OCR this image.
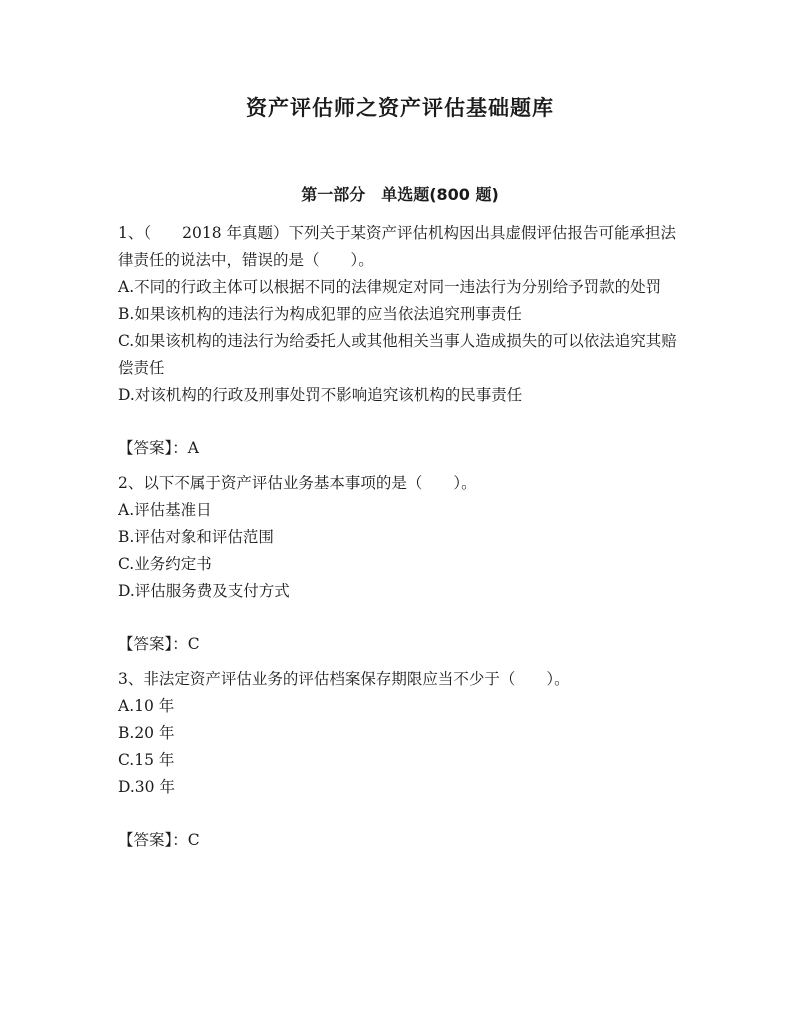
资产评估师之资产评估基础题库
第一部分　单选题(800 题)
1、（　　2018 年真题）下列关于某资产评估机构因出具虚假评估报告可能承担法律责任的说法中，错误的是（　　）。
A.不同的行政主体可以根据不同的法律规定对同一违法行为分别给予罚款的处罚
B.如果该机构的违法行为构成犯罪的应当依法追究刑事责任
C.如果该机构的违法行为给委托人或其他相关当事人造成损失的可以依法追究其赔偿责任
D.对该机构的行政及刑事处罚不影响追究该机构的民事责任
【答案】：A
2、以下不属于资产评估业务基本事项的是（　　）。
A.评估基准日
B.评估对象和评估范围
C.业务约定书
D.评估服务费及支付方式
【答案】：C
3、非法定资产评估业务的评估档案保存期限应当不少于（　　）。
A.10 年
B.20 年
C.15 年
D.30 年
【答案】：C
